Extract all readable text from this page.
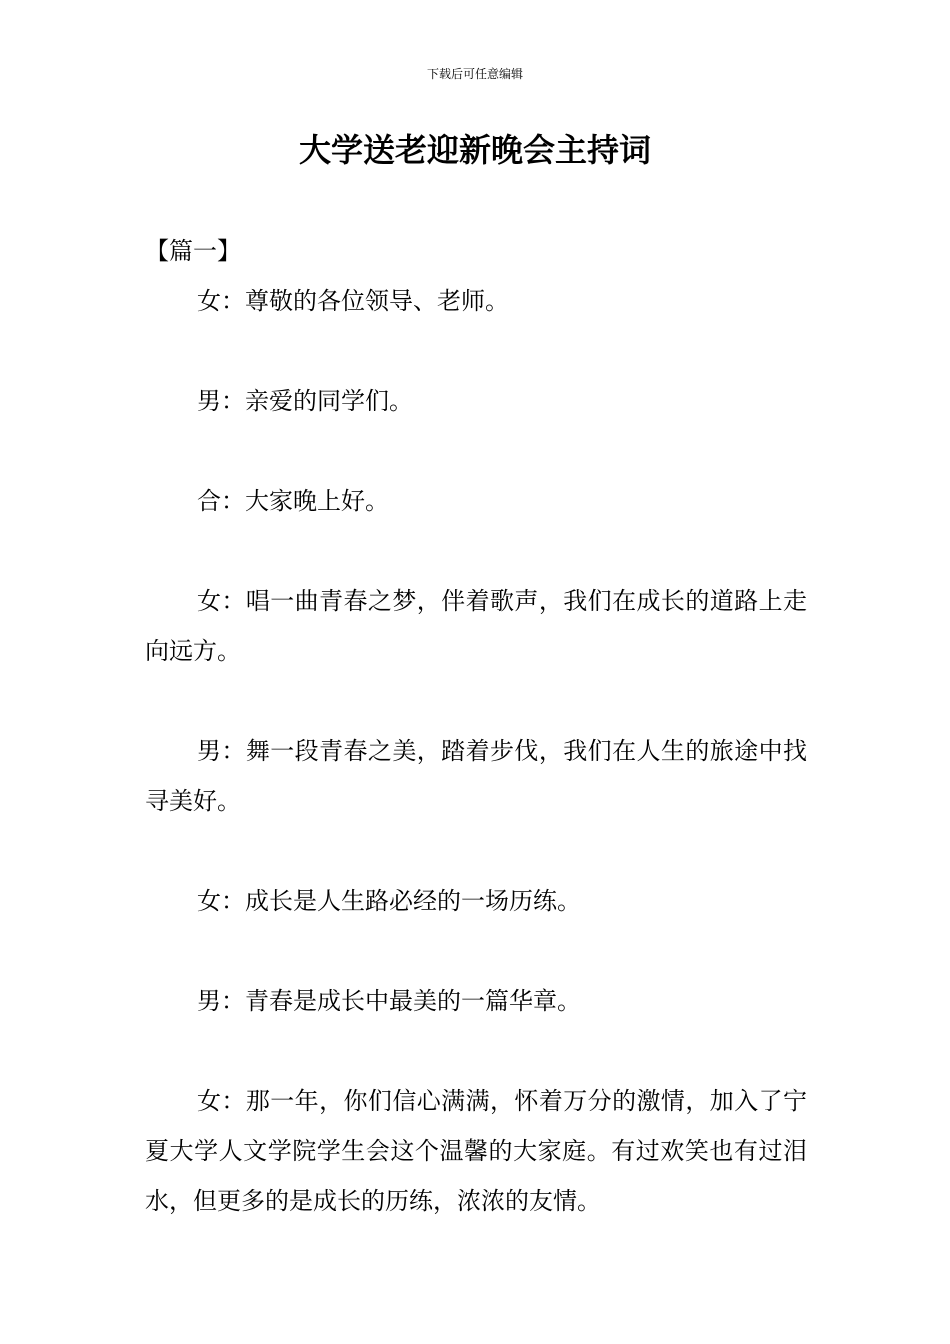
下载后可任意编辑
大学送老迎新晚会主持词
【篇一】

女：尊敬的各位领导、老师。

男：亲爱的同学们。

合：大家晚上好。

女：唱一曲青春之梦，伴着歌声，我们在成长的道路上走向远方。

男：舞一段青春之美，踏着步伐，我们在人生的旅途中找寻美好。

女：成长是人生路必经的一场历练。

男：青春是成长中最美的一篇华章。

女：那一年，你们信心满满，怀着万分的激情，加入了宁夏大学人文学院学生会这个温馨的大家庭。有过欢笑也有过泪水，但更多的是成长的历练，浓浓的友情。
